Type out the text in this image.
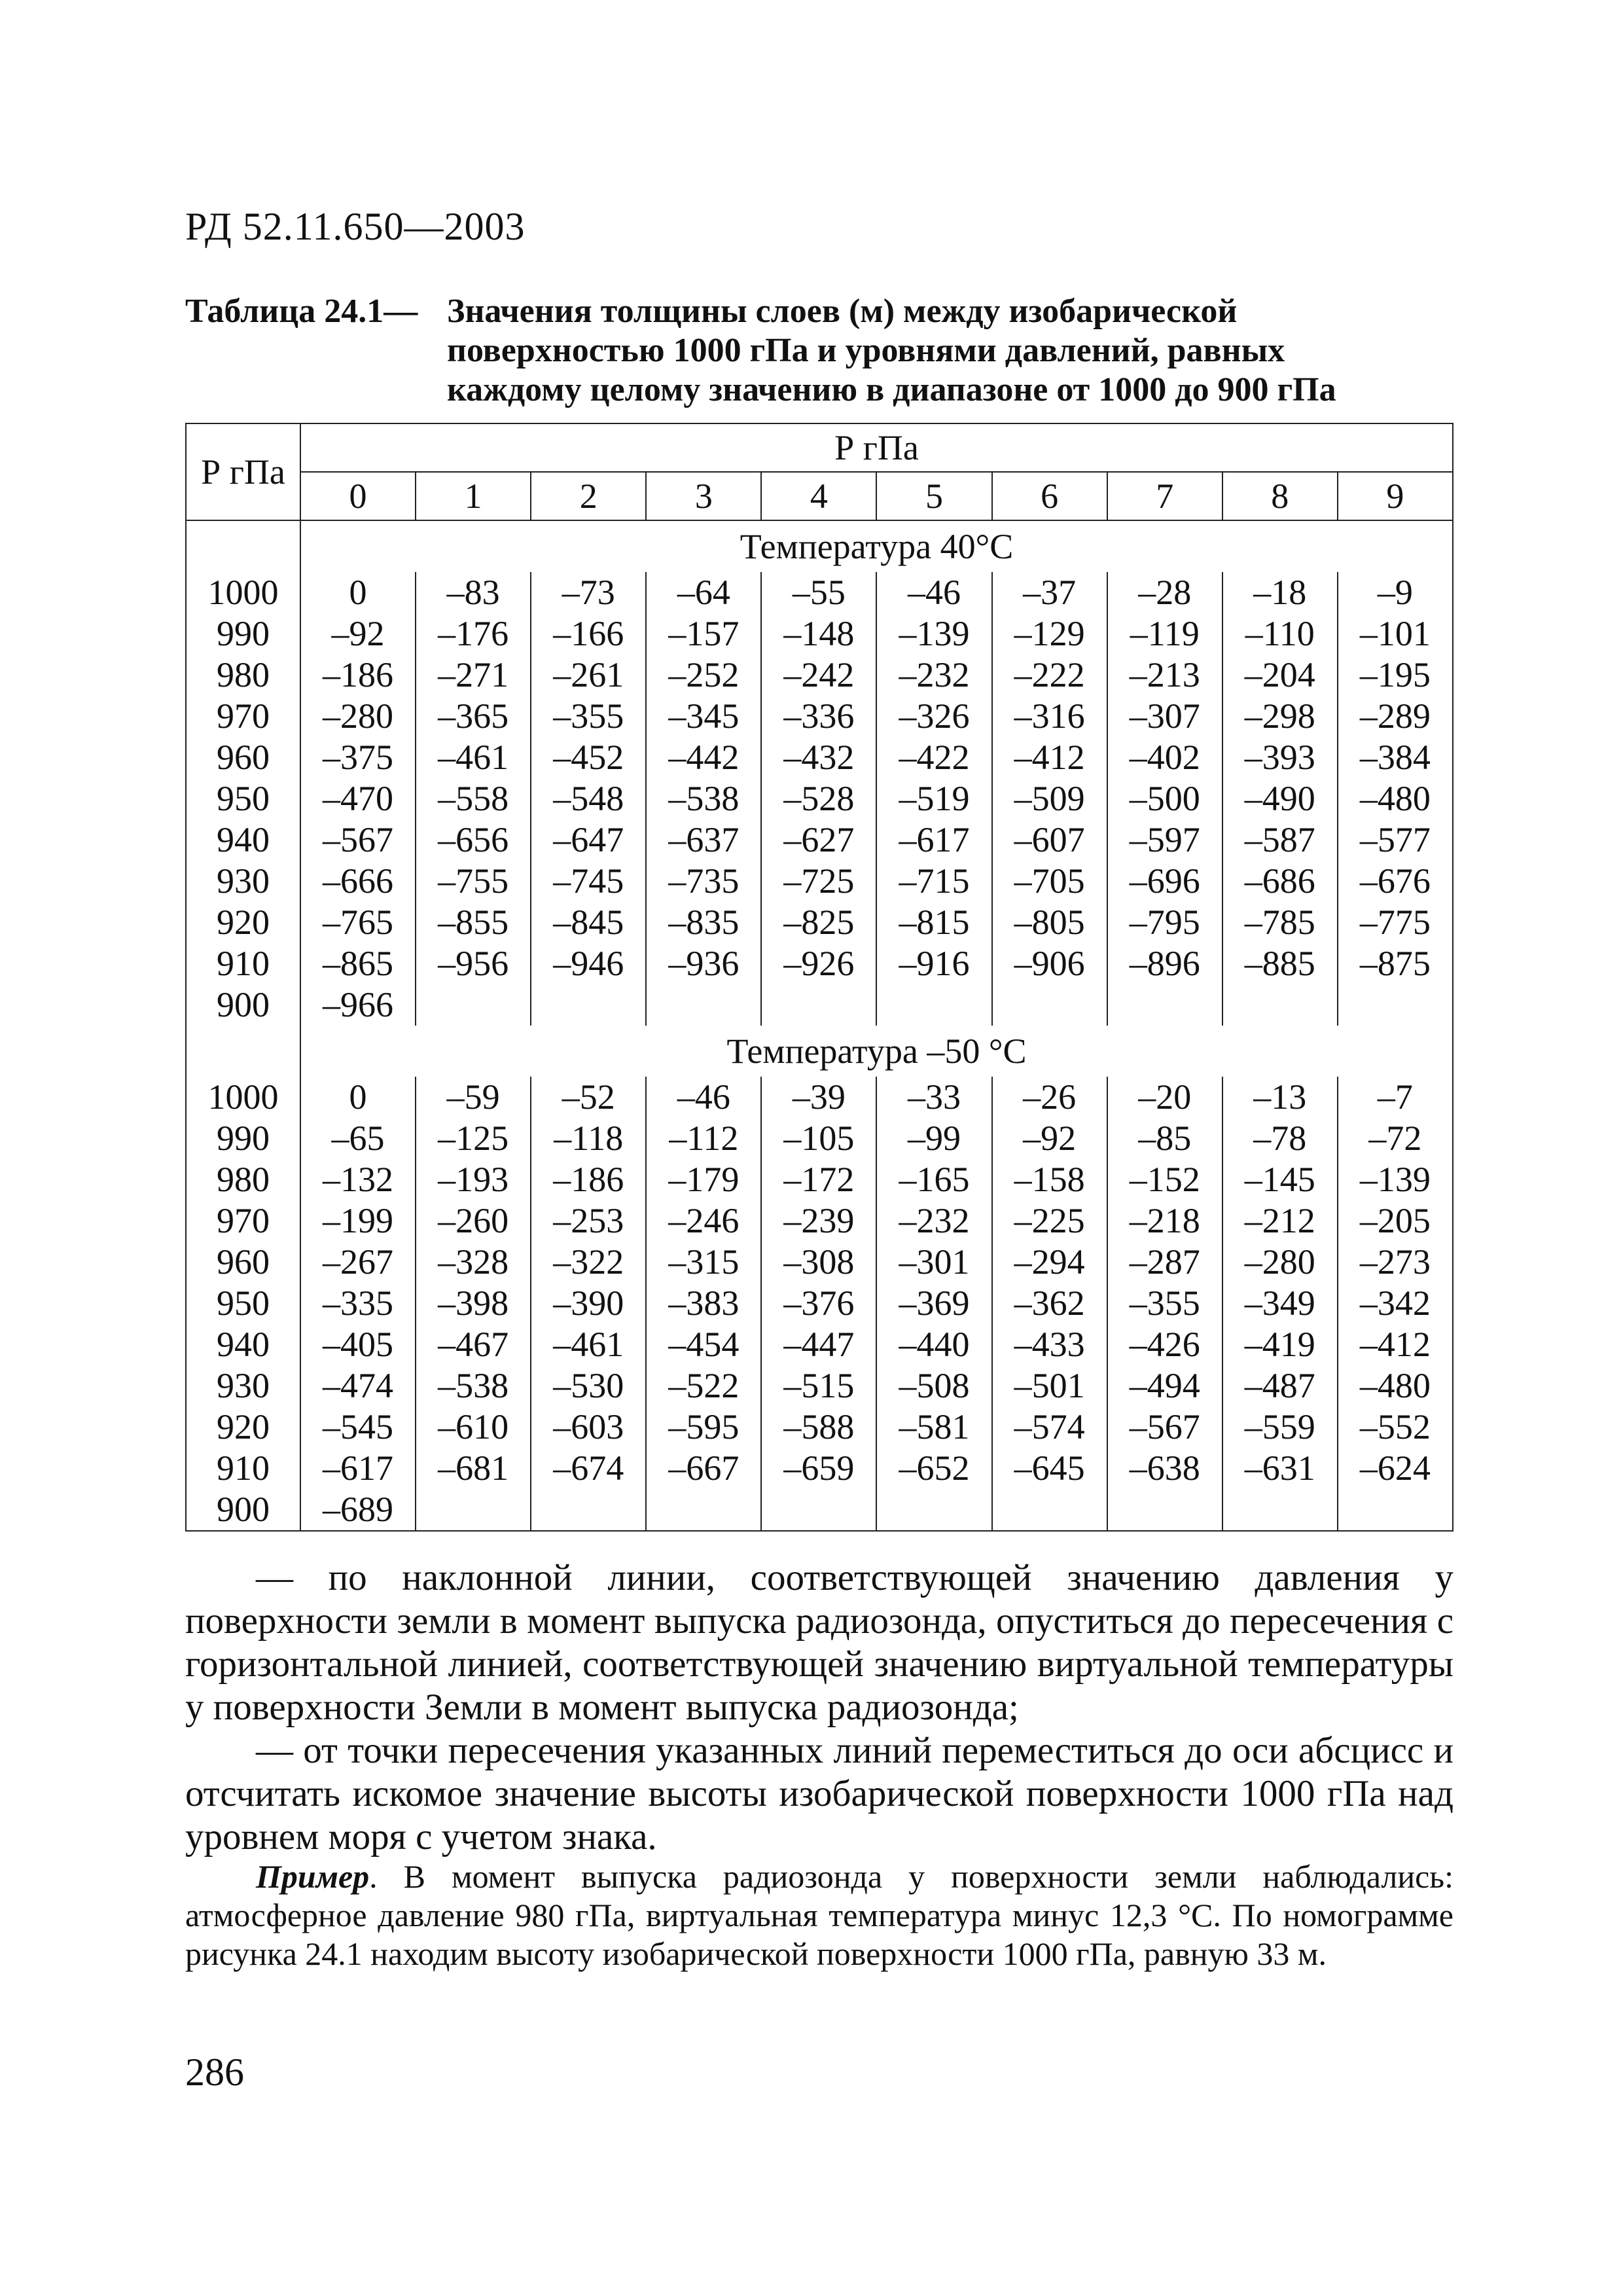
РД 52.11.650—2003
Таблица 24.1— Значения толщины слоев (м) между изобарической
поверхностью 1000 гПа и уровнями давлений, равных
каждому целому значению в диапазоне от 1000 до 900 гПа
Р гПа	Р гПа									
	0	1	2	3	4	5	6	7	8	9
	Температура 40°С									
1000	0	–83	–73	–64	–55	–46	–37	–28	–18	–9
990	–92	–176	–166	–157	–148	–139	–129	–119	–110	–101
980	–186	–271	–261	–252	–242	–232	–222	–213	–204	–195
970	–280	–365	–355	–345	–336	–326	–316	–307	–298	–289
960	–375	–461	–452	–442	–432	–422	–412	–402	–393	–384
950	–470	–558	–548	–538	–528	–519	–509	–500	–490	–480
940	–567	–656	–647	–637	–627	–617	–607	–597	–587	–577
930	–666	–755	–745	–735	–725	–715	–705	–696	–686	–676
920	–765	–855	–845	–835	–825	–815	–805	–795	–785	–775
910	–865	–956	–946	–936	–926	–916	–906	–896	–885	–875
900	–966									
	Температура –50 °С									
1000	0	–59	–52	–46	–39	–33	–26	–20	–13	–7
990	–65	–125	–118	–112	–105	–99	–92	–85	–78	–72
980	–132	–193	–186	–179	–172	–165	–158	–152	–145	–139
970	–199	–260	–253	–246	–239	–232	–225	–218	–212	–205
960	–267	–328	–322	–315	–308	–301	–294	–287	–280	–273
950	–335	–398	–390	–383	–376	–369	–362	–355	–349	–342
940	–405	–467	–461	–454	–447	–440	–433	–426	–419	–412
930	–474	–538	–530	–522	–515	–508	–501	–494	–487	–480
920	–545	–610	–603	–595	–588	–581	–574	–567	–559	–552
910	–617	–681	–674	–667	–659	–652	–645	–638	–631	–624
900	–689									

— по наклонной линии, соответствующей значению давления у поверхности земли в момент выпуска радиозонда, опуститься до пересечения с горизонтальной линией, соответствующей значению виртуальной температуры у поверхности Земли в момент выпуска радиозонда;

— от точки пересечения указанных линий переместиться до оси абсцисс и отсчитать искомое значение высоты изобарической поверхности 1000 гПа над уровнем моря с учетом знака.

Пример. В момент выпуска радиозонда у поверхности земли наблюдались: атмосферное давление 980 гПа, виртуальная температура минус 12,3 °С. По номограмме рисунка 24.1 находим высоту изобарической поверхности 1000 гПа, равную 33 м.

286
